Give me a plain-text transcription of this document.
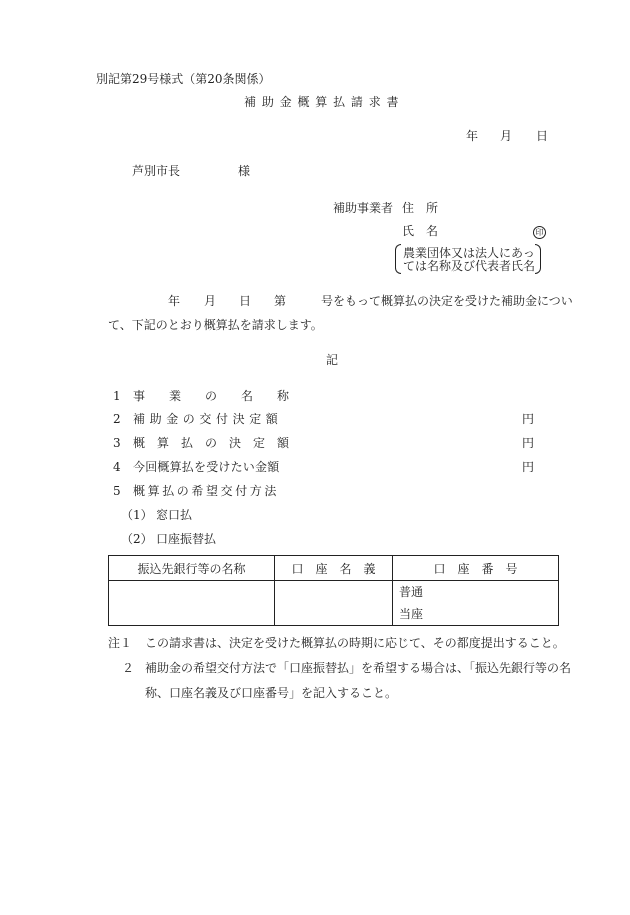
別記第29号様式（第20条関係）
補 助 金 概 算 払 請 求 書
年 月 日
芦別市長	様
補助事業者 住　所
氏　名	印
農業団体又は法人にあっ
ては名称及び代表者氏名
年 月 日 第	号をもって概算払の決定を受けた補助金につい
て、下記のとおり概算払を請求します。
記
1 事　　業　　の　　名　　称
2 補助金の交付決定額	円
3 概　算　払　の　決　定　額	円
4 今回概算払を受けたい金額	円
5 概算払の希望交付方法
（1） 窓口払
（2） 口座振替払
振込先銀行等の名称	口　座　名　義	口　座　番　号

		普通
当座
注１ この請求書は、決定を受けた概算払の時期に応じて、その都度提出すること。
２ 補助金の希望交付方法で「口座振替払」を希望する場合は、「振込先銀行等の名
称、口座名義及び口座番号」を記入すること。
